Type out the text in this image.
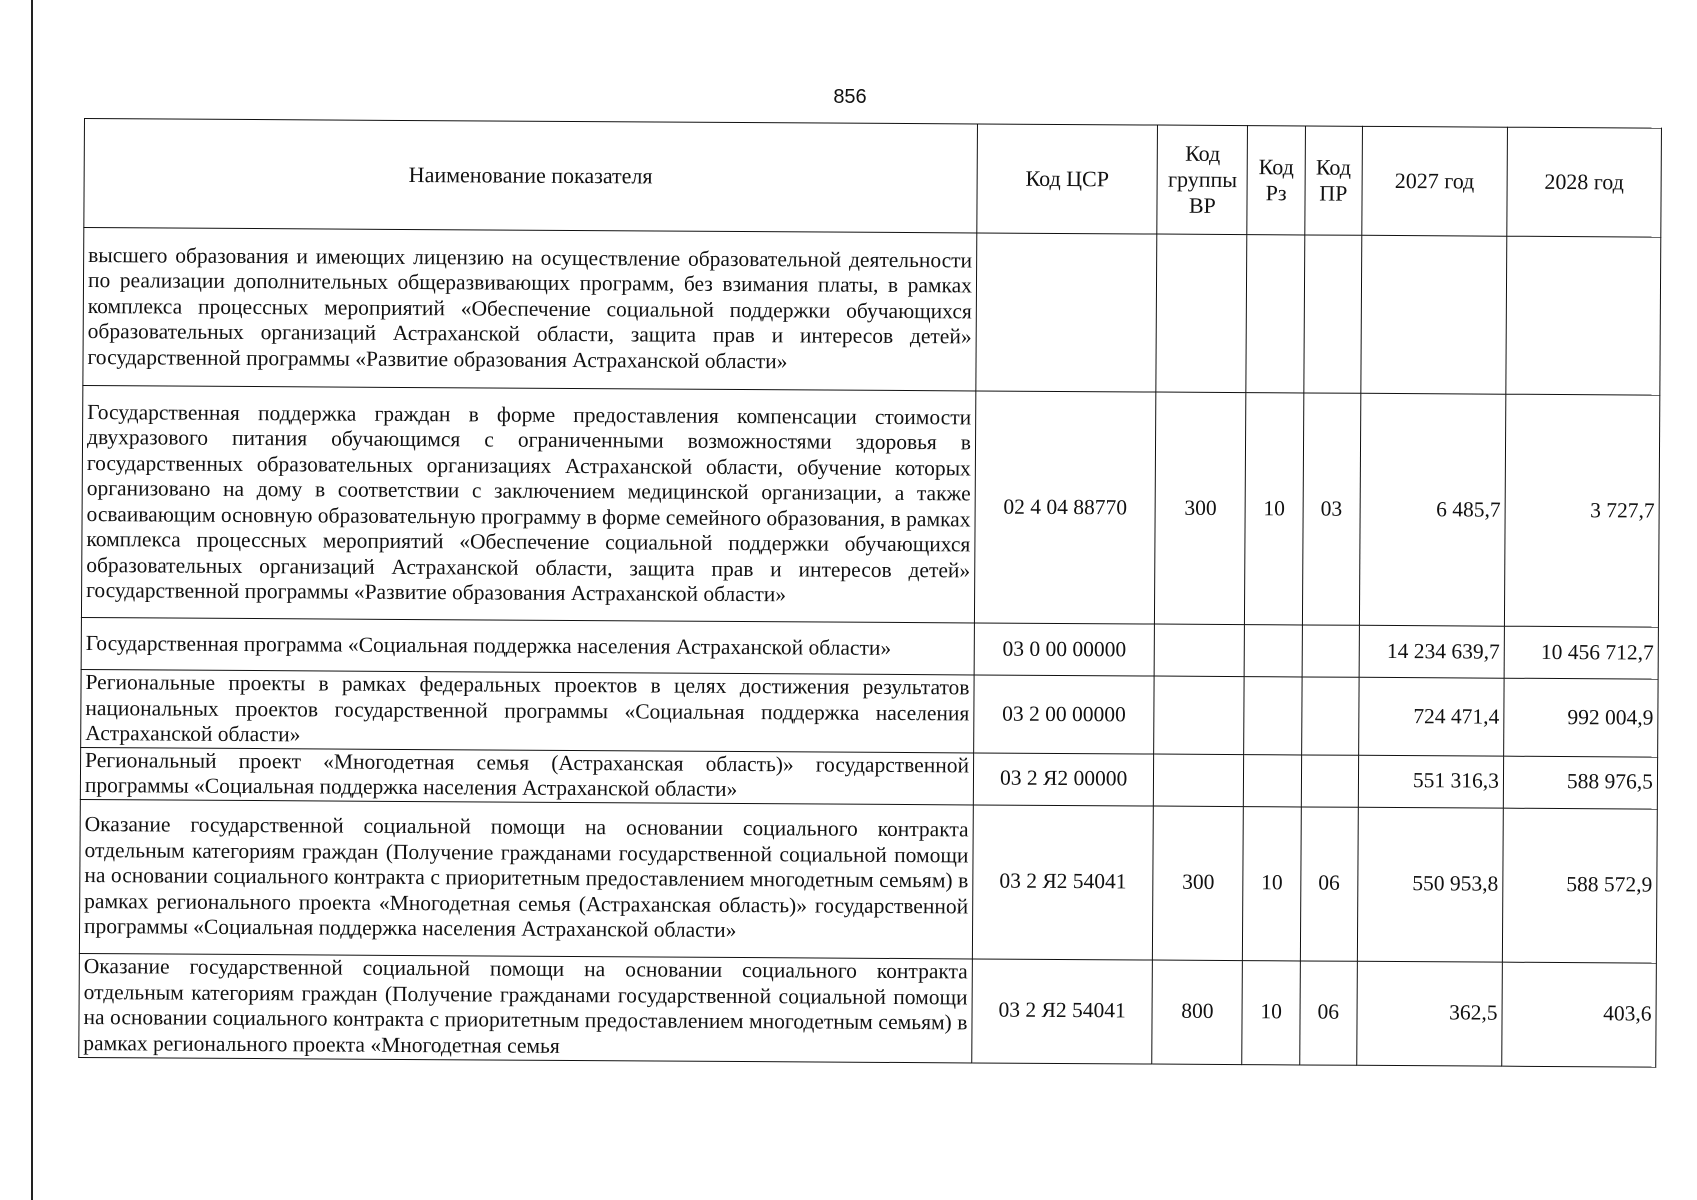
856
Наименование показателя	Код ЦСР	Код группы ВР	Код Рз	Код ПР	2027 год	2028 год
высшего образования и имеющих лицензию на осуществление образовательной деятельности по реализации дополнительных общеразвивающих программ, без взимания платы, в рамках комплекса процессных мероприятий «Обеспечение социальной поддержки обучающихся образовательных организаций Астраханской области, защита прав и интересов детей» государственной программы «Развитие образования Астраханской области»						
Государственная поддержка граждан в форме предоставления компенсации стоимости двухразового питания обучающимся с ограниченными возможностями здоровья в государственных образовательных организациях Астраханской области, обучение которых организовано на дому в соответствии с заключением медицинской организации, а также осваивающим основную образовательную программу в форме семейного образования, в рамках комплекса процессных мероприятий «Обеспечение социальной поддержки обучающихся образовательных организаций Астраханской области, защита прав и интересов детей» государственной программы «Развитие образования Астраханской области»	02 4 04 88770	300	10	03	6 485,7	3 727,7
Государственная программа «Социальная поддержка населения Астраханской области»	03 0 00 00000				14 234 639,7	10 456 712,7
Региональные проекты в рамках федеральных проектов в целях достижения результатов национальных проектов государственной программы «Социальная поддержка населения Астраханской области»	03 2 00 00000				724 471,4	992 004,9
Региональный проект «Многодетная семья (Астраханская область)» государственной программы «Социальная поддержка населения Астраханской области»	03 2 Я2 00000				551 316,3	588 976,5
Оказание государственной социальной помощи на основании социального контракта отдельным категориям граждан (Получение гражданами государственной социальной помощи на основании социального контракта с приоритетным предоставлением многодетным семьям) в рамках регионального проекта «Многодетная семья (Астраханская область)» государственной программы «Социальная поддержка населения Астраханской области»	03 2 Я2 54041	300	10	06	550 953,8	588 572,9
Оказание государственной социальной помощи на основании социального контракта отдельным категориям граждан (Получение гражданами государственной социальной помощи на основании социального контракта с приоритетным предоставлением многодетным семьям) в рамках регионального проекта «Многодетная семья	03 2 Я2 54041	800	10	06	362,5	403,6
